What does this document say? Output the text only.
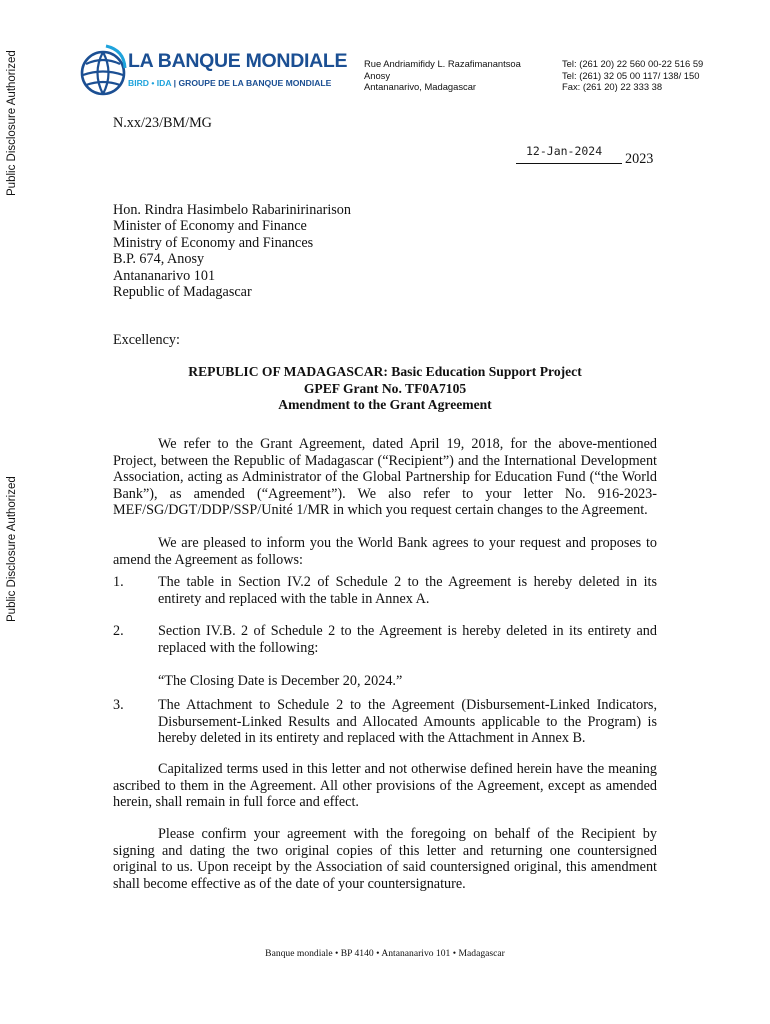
Public Disclosure Authorized
Public Disclosure Authorized
LA BANQUE MONDIALE
BIRD • IDA | GROUPE DE LA BANQUE MONDIALE
Rue Andriamifidy L. Razafimanantsoa
Anosy
Antananarivo, Madagascar
Tel: (261 20) 22 560 00-22 516 59
Tel: (261) 32 05 00 117/ 138/ 150
Fax: (261 20) 22 333 38
N.xx/23/BM/MG
12-Jan-2024 2023
Hon. Rindra Hasimbelo Rabarinirinarison
Minister of Economy and Finance
Ministry of Economy and Finances
B.P. 674, Anosy
Antananarivo 101
Republic of Madagascar
Excellency:
REPUBLIC OF MADAGASCAR: Basic Education Support Project
GPEF Grant No. TF0A7105
Amendment to the Grant Agreement
We refer to the Grant Agreement, dated April 19, 2018, for the above-mentioned Project, between the Republic of Madagascar (“Recipient”) and the International Development Association, acting as Administrator of the Global Partnership for Education Fund (“the World Bank”), as amended (“Agreement”). We also refer to your letter No. 916-2023-MEF/SG/DGT/DDP/SSP/Unité 1/MR in which you request certain changes to the Agreement.
We are pleased to inform you the World Bank agrees to your request and proposes to amend the Agreement as follows:
1. The table in Section IV.2 of Schedule 2 to the Agreement is hereby deleted in its entirety and replaced with the table in Annex A.
2. Section IV.B. 2 of Schedule 2 to the Agreement is hereby deleted in its entirety and replaced with the following:
“The Closing Date is December 20, 2024.”
3. The Attachment to Schedule 2 to the Agreement (Disbursement-Linked Indicators, Disbursement-Linked Results and Allocated Amounts applicable to the Program) is hereby deleted in its entirety and replaced with the Attachment in Annex B.
Capitalized terms used in this letter and not otherwise defined herein have the meaning ascribed to them in the Agreement. All other provisions of the Agreement, except as amended herein, shall remain in full force and effect.
Please confirm your agreement with the foregoing on behalf of the Recipient by signing and dating the two original copies of this letter and returning one countersigned original to us. Upon receipt by the Association of said countersigned original, this amendment shall become effective as of the date of your countersignature.
Banque mondiale • BP 4140 • Antananarivo 101 • Madagascar
